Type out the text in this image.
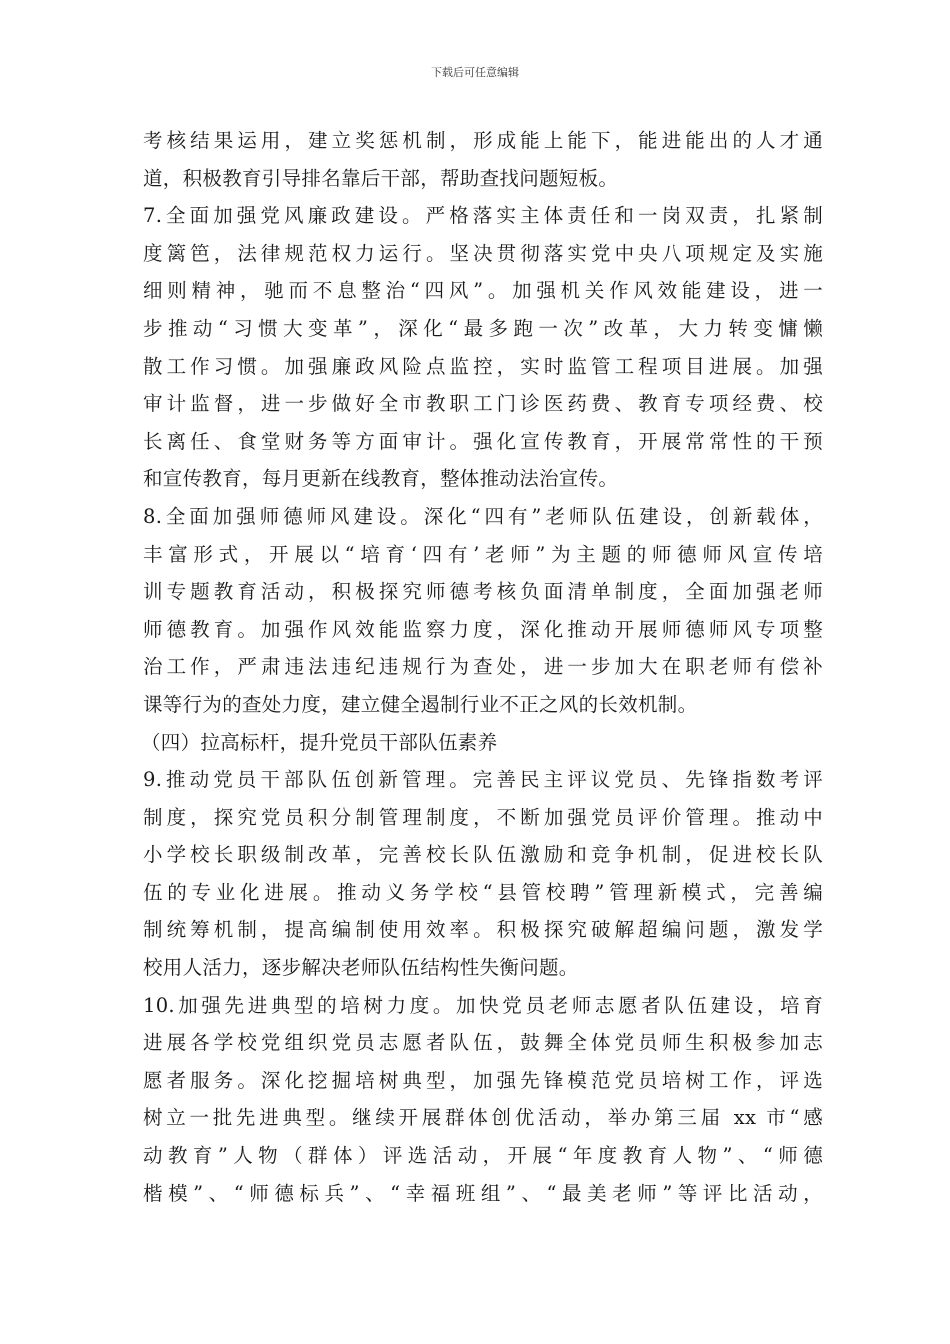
下载后可任意编辑
考核结果运用，建立奖惩机制，形成能上能下，能进能出的人才通
道，积极教育引导排名靠后干部，帮助查找问题短板。
7.全面加强党风廉政建设。严格落实主体责任和一岗双责，扎紧制
度篱笆，法律规范权力运行。坚决贯彻落实党中央八项规定及实施
细则精神，驰而不息整治“四风”。加强机关作风效能建设，进一
步推动“习惯大变革”，深化“最多跑一次”改革，大力转变慵懒
散工作习惯。加强廉政风险点监控，实时监管工程项目进展。加强
审计监督，进一步做好全市教职工门诊医药费、教育专项经费、校
长离任、食堂财务等方面审计。强化宣传教育，开展常常性的干预
和宣传教育，每月更新在线教育，整体推动法治宣传。
8.全面加强师德师风建设。深化“四有”老师队伍建设，创新载体，
丰富形式，开展以“培育‘四有’老师”为主题的师德师风宣传培
训专题教育活动，积极探究师德考核负面清单制度，全面加强老师
师德教育。加强作风效能监察力度，深化推动开展师德师风专项整
治工作，严肃违法违纪违规行为查处，进一步加大在职老师有偿补
课等行为的查处力度，建立健全遏制行业不正之风的长效机制。
（四）拉高标杆，提升党员干部队伍素养
9.推动党员干部队伍创新管理。完善民主评议党员、先锋指数考评
制度，探究党员积分制管理制度，不断加强党员评价管理。推动中
小学校长职级制改革，完善校长队伍激励和竞争机制，促进校长队
伍的专业化进展。推动义务学校“县管校聘”管理新模式，完善编
制统筹机制，提高编制使用效率。积极探究破解超编问题，激发学
校用人活力，逐步解决老师队伍结构性失衡问题。
10.加强先进典型的培树力度。加快党员老师志愿者队伍建设，培育
进展各学校党组织党员志愿者队伍，鼓舞全体党员师生积极参加志
愿者服务。深化挖掘培树典型，加强先锋模范党员培树工作，评选
树立一批先进典型。继续开展群体创优活动，举办第三届 xx 市“感
动教育”人物（群体）评选活动，开展“年度教育人物”、“师德
楷模”、“师德标兵”、“幸福班组”、“最美老师”等评比活动，
